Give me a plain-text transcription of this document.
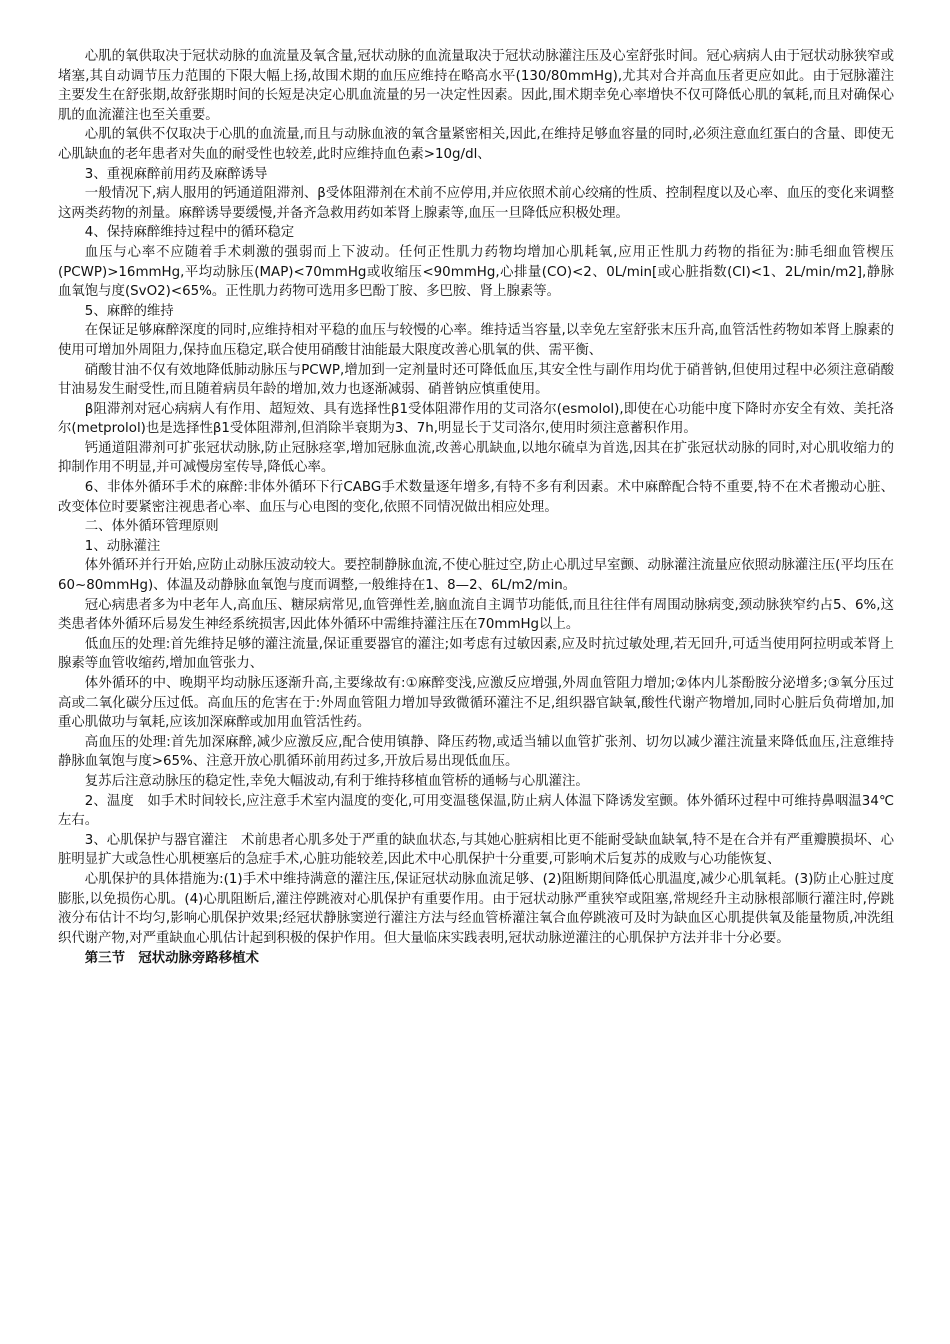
心肌的氧供取决于冠状动脉的血流量及氧含量,冠状动脉的血流量取决于冠状动脉灌注压及心室舒张时间。冠心病病人由于冠状动脉狭窄或堵塞,其自动调节压力范围的下限大幅上扬,故围术期的血压应维持在略高水平(130/80mmHg),尤其对合并高血压者更应如此。由于冠脉灌注主要发生在舒张期,故舒张期时间的长短是决定心肌血流量的另一决定性因素。因此,围术期幸免心率增快不仅可降低心肌的氧耗,而且对确保心肌的血流灌注也至关重要。

心肌的氧供不仅取决于心肌的血流量,而且与动脉血液的氧含量紧密相关,因此,在维持足够血容量的同时,必须注意血红蛋白的含量、即使无心肌缺血的老年患者对失血的耐受性也较差,此时应维持血色素>10g/dl、

3、重视麻醉前用药及麻醉诱导

一般情况下,病人服用的钙通道阻滞剂、β受体阻滞剂在术前不应停用,并应依照术前心绞痛的性质、控制程度以及心率、血压的变化来调整这两类药物的剂量。麻醉诱导要缓慢,并备齐急救用药如苯肾上腺素等,血压一旦降低应积极处理。

4、保持麻醉维持过程中的循环稳定

血压与心率不应随着手术刺激的强弱而上下波动。任何正性肌力药物均增加心肌耗氧,应用正性肌力药物的指征为:肺毛细血管楔压(PCWP)>16mmHg,平均动脉压(MAP)<70mmHg或收缩压<90mmHg,心排量(CO)<2、0L/min[或心脏指数(CI)<1、2L/min/m2],静脉血氧饱与度(SvO2)<65%。正性肌力药物可选用多巴酚丁胺、多巴胺、肾上腺素等。

5、麻醉的维持

在保证足够麻醉深度的同时,应维持相对平稳的血压与较慢的心率。维持适当容量,以幸免左室舒张末压升高,血管活性药物如苯肾上腺素的使用可增加外周阻力,保持血压稳定,联合使用硝酸甘油能最大限度改善心肌氧的供、需平衡、

硝酸甘油不仅有效地降低肺动脉压与PCWP,增加到一定剂量时还可降低血压,其安全性与副作用均优于硝普钠,但使用过程中必须注意硝酸甘油易发生耐受性,而且随着病员年龄的增加,效力也逐渐减弱、硝普钠应慎重使用。

β阻滞剂对冠心病病人有作用、超短效、具有选择性β1受体阻滞作用的艾司洛尔(esmolol),即使在心功能中度下降时亦安全有效、美托洛尔(metprolol)也是选择性β1受体阻滞剂,但消除半衰期为3、7h,明显长于艾司洛尔,使用时须注意蓄积作用。

钙通道阻滞剂可扩张冠状动脉,防止冠脉痉挛,增加冠脉血流,改善心肌缺血,以地尔硫卓为首选,因其在扩张冠状动脉的同时,对心肌收缩力的抑制作用不明显,并可减慢房室传导,降低心率。

6、非体外循环手术的麻醉:非体外循环下行CABG手术数量逐年增多,有特不多有利因素。术中麻醉配合特不重要,特不在术者搬动心脏、改变体位时要紧密注视患者心率、血压与心电图的变化,依照不同情况做出相应处理。

二、体外循环管理原则

1、动脉灌注

体外循环并行开始,应防止动脉压波动较大。要控制静脉血流,不使心脏过空,防止心肌过早室颤、动脉灌注流量应依照动脉灌注压(平均压在60~80mmHg)、体温及动静脉血氧饱与度而调整,一般维持在1、8—2、6L/m2/min。

冠心病患者多为中老年人,高血压、糖尿病常见,血管弹性差,脑血流自主调节功能低,而且往往伴有周围动脉病变,颈动脉狭窄约占5、6%,这类患者体外循环后易发生神经系统损害,因此体外循环中需维持灌注压在70mmHg以上。

低血压的处理:首先维持足够的灌注流量,保证重要器官的灌注;如考虑有过敏因素,应及时抗过敏处理,若无回升,可适当使用阿拉明或苯肾上腺素等血管收缩药,增加血管张力、

体外循环的中、晚期平均动脉压逐渐升高,主要缘故有:①麻醉变浅,应激反应增强,外周血管阻力增加;②体内儿茶酚胺分泌增多;③氧分压过高或二氧化碳分压过低。高血压的危害在于:外周血管阻力增加导致微循环灌注不足,组织器官缺氧,酸性代谢产物增加,同时心脏后负荷增加,加重心肌做功与氧耗,应该加深麻醉或加用血管活性药。

高血压的处理:首先加深麻醉,减少应激反应,配合使用镇静、降压药物,或适当辅以血管扩张剂、切勿以减少灌注流量来降低血压,注意维持静脉血氧饱与度>65%、注意开放心肌循环前用药过多,开放后易出现低血压。

复苏后注意动脉压的稳定性,幸免大幅波动,有利于维持移植血管桥的通畅与心肌灌注。

2、温度　如手术时间较长,应注意手术室内温度的变化,可用变温毯保温,防止病人体温下降诱发室颤。体外循环过程中可维持鼻咽温34℃左右。

3、心肌保护与器官灌注　术前患者心肌多处于严重的缺血状态,与其她心脏病相比更不能耐受缺血缺氧,特不是在合并有严重瓣膜损坏、心脏明显扩大或急性心肌梗塞后的急症手术,心脏功能较差,因此术中心肌保护十分重要,可影响术后复苏的成败与心功能恢复、

心肌保护的具体措施为:(1)手术中维持满意的灌注压,保证冠状动脉血流足够、(2)阻断期间降低心肌温度,减少心肌氧耗。(3)防止心脏过度膨胀,以免损伤心肌。(4)心肌阻断后,灌注停跳液对心肌保护有重要作用。由于冠状动脉严重狭窄或阻塞,常规经升主动脉根部顺行灌注时,停跳液分布估计不均匀,影响心肌保护效果;经冠状静脉窦逆行灌注方法与经血管桥灌注氧合血停跳液可及时为缺血区心肌提供氧及能量物质,冲洗组织代谢产物,对严重缺血心肌估计起到积极的保护作用。但大量临床实践表明,冠状动脉逆灌注的心肌保护方法并非十分必要。

第三节　冠状动脉旁路移植术
